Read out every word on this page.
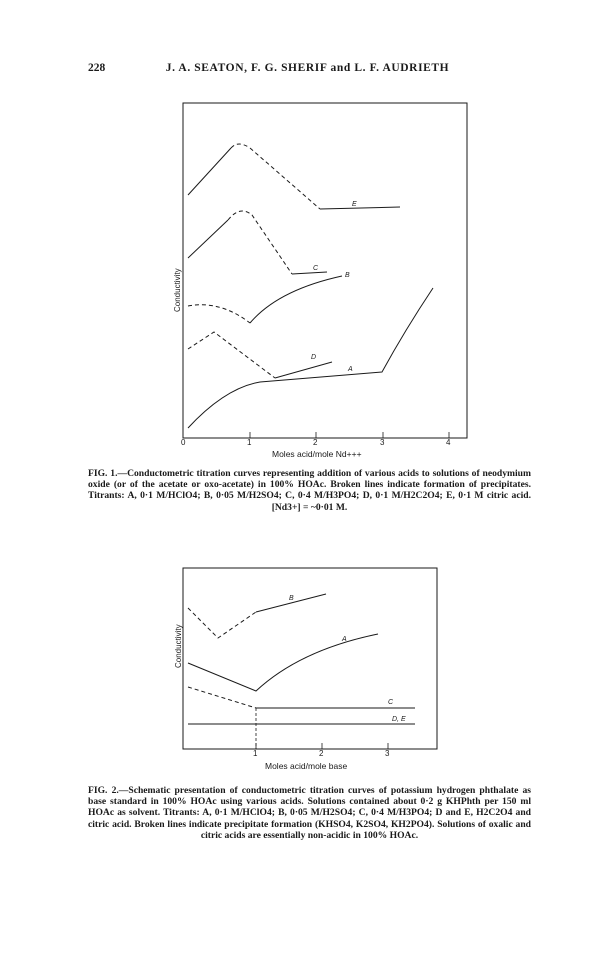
228	J. A. SEATON, F. G. SHERIF and L. F. AUDRIETH
0	1	2	3	4
Moles acid/mole Nd+++
Conductivity
E
C
B
D
A
1	2	3
Moles acid/mole base
Conductivity
B
A
C
D, E
FIG. 1.—Conductometric titration curves representing addition of various acids to solutions of neodymium oxide (or of the acetate or oxo-acetate) in 100% HOAc. Broken lines indicate formation of precipitates. Titrants: A, 0·1 M/HClO4; B, 0·05 M/H2SO4; C, 0·4 M/H3PO4; D, 0·1 M/H2C2O4; E, 0·1 M citric acid. [Nd3+] = ~0·01 M.
FIG. 2.—Schematic presentation of conductometric titration curves of potassium hydrogen phthalate as base standard in 100% HOAc using various acids. Solutions contained about 0·2 g KHPhth per 150 ml HOAc as solvent. Titrants: A, 0·1 M/HClO4; B, 0·05 M/H2SO4; C, 0·4 M/H3PO4; D and E, H2C2O4 and citric acid. Broken lines indicate precipitate formation (KHSO4, K2SO4, KH2PO4). Solutions of oxalic and citric acids are essentially non-acidic in 100% HOAc.
